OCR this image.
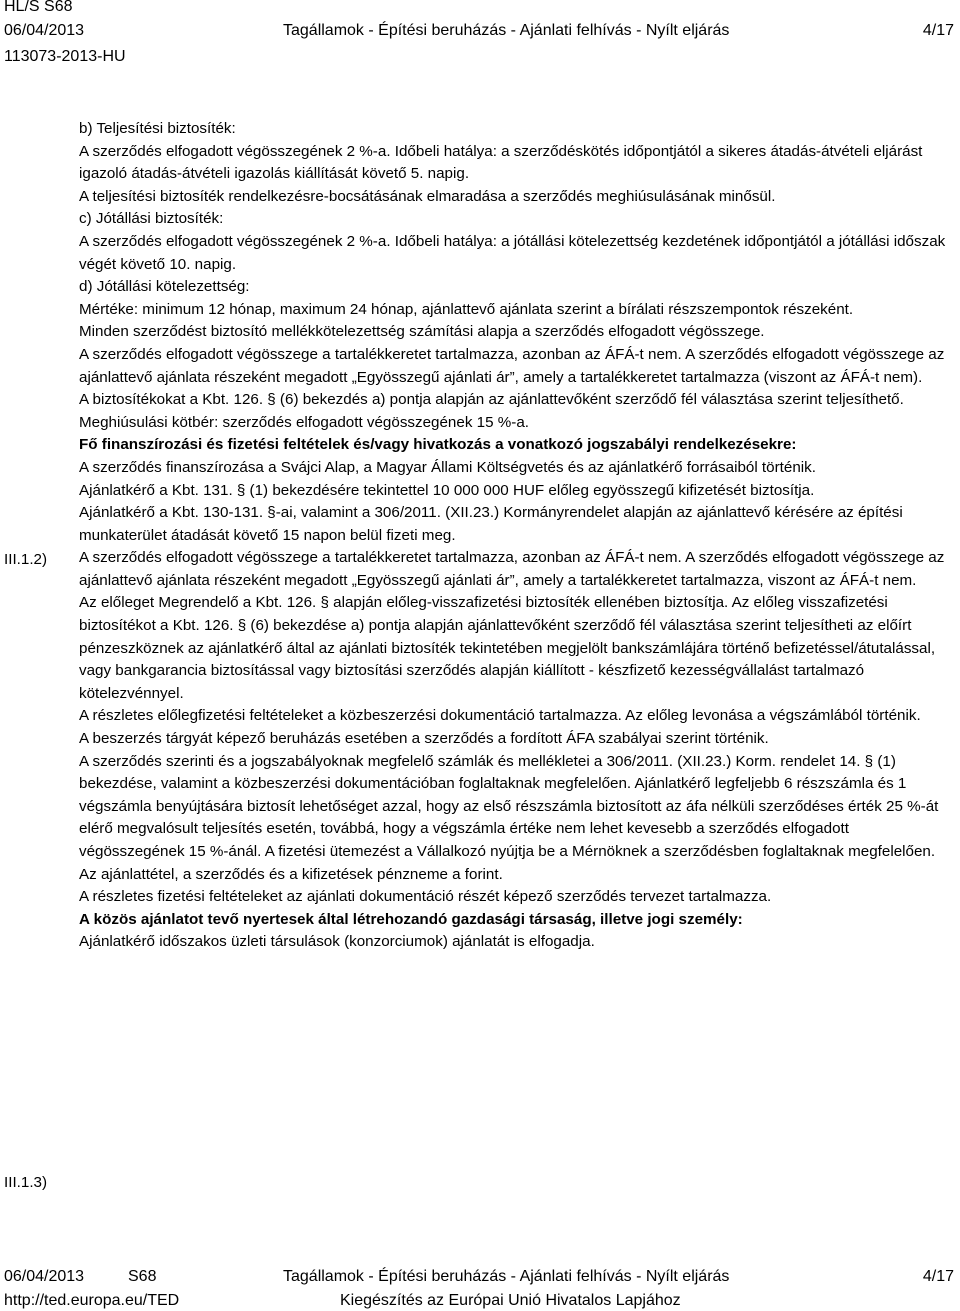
HL/S S68
06/04/2013	Tagállamok - Építési beruházás - Ajánlati felhívás - Nyílt eljárás	4/17
113073-2013-HU
III.1.2)
III.1.3)

b) Teljesítési biztosíték:

A szerződés elfogadott végösszegének 2 %-a. Időbeli hatálya: a szerződéskötés időpontjától a sikeres átadás-átvételi eljárást igazoló átadás-átvételi igazolás kiállítását követő 5. napig.

A teljesítési biztosíték rendelkezésre-bocsátásának elmaradása a szerződés meghiúsulásának minősül.

c) Jótállási biztosíték:

A szerződés elfogadott végösszegének 2 %-a. Időbeli hatálya: a jótállási kötelezettség kezdetének időpontjától a jótállási időszak végét követő 10. napig.

d) Jótállási kötelezettség:

Mértéke: minimum 12 hónap, maximum 24 hónap, ajánlattevő ajánlata szerint a bírálati részszempontok részeként.

Minden szerződést biztosító mellékkötelezettség számítási alapja a szerződés elfogadott végösszege.

A szerződés elfogadott végösszege a tartalékkeretet tartalmazza, azonban az ÁFÁ-t nem. A szerződés elfogadott végösszege az ajánlattevő ajánlata részeként megadott „Egyösszegű ajánlati ár”, amely a tartalékkeretet tartalmazza (viszont az ÁFÁ-t nem).

A biztosítékokat a Kbt. 126. § (6) bekezdés a) pontja alapján az ajánlattevőként szerződő fél választása szerint teljesíthető.

Meghiúsulási kötbér: szerződés elfogadott végösszegének 15 %-a.

Fő finanszírozási és fizetési feltételek és/vagy hivatkozás a vonatkozó jogszabályi rendelkezésekre:

A szerződés finanszírozása a Svájci Alap, a Magyar Állami Költségvetés és az ajánlatkérő forrásaiból történik.

Ajánlatkérő a Kbt. 131. § (1) bekezdésére tekintettel 10 000 000 HUF előleg egyösszegű kifizetését biztosítja.

Ajánlatkérő a Kbt. 130-131. §-ai, valamint a 306/2011. (XII.23.) Kormányrendelet alapján az ajánlattevő kérésére az építési munkaterület átadását követő 15 napon belül fizeti meg.

A szerződés elfogadott végösszege a tartalékkeretet tartalmazza, azonban az ÁFÁ-t nem. A szerződés elfogadott végösszege az ajánlattevő ajánlata részeként megadott „Egyösszegű ajánlati ár”, amely a tartalékkeretet tartalmazza, viszont az ÁFÁ-t nem.

Az előleget Megrendelő a Kbt. 126. § alapján előleg-visszafizetési biztosíték ellenében biztosítja. Az előleg visszafizetési biztosítékot a Kbt. 126. § (6) bekezdése a) pontja alapján ajánlattevőként szerződő fél választása szerint teljesítheti az előírt pénzeszköznek az ajánlatkérő által az ajánlati biztosíték tekintetében megjelölt bankszámlájára történő befizetéssel/átutalással, vagy bankgarancia biztosítással vagy biztosítási szerződés alapján kiállított - készfizető kezességvállalást tartalmazó kötelezvénnyel.

A részletes előlegfizetési feltételeket a közbeszerzési dokumentáció tartalmazza. Az előleg levonása a végszámlából történik.

A beszerzés tárgyát képező beruházás esetében a szerződés a fordított ÁFA szabályai szerint történik.

A szerződés szerinti és a jogszabályoknak megfelelő számlák és mellékletei a 306/2011. (XII.23.) Korm. rendelet 14. § (1) bekezdése, valamint a közbeszerzési dokumentációban foglaltaknak megfelelően. Ajánlatkérő legfeljebb 6 részszámla és 1 végszámla benyújtására biztosít lehetőséget azzal, hogy az első részszámla biztosított az áfa nélküli szerződéses érték 25 %-át elérő megvalósult teljesítés esetén, továbbá, hogy a végszámla értéke nem lehet kevesebb a szerződés elfogadott végösszegének 15 %-ánál. A fizetési ütemezést a Vállalkozó nyújtja be a Mérnöknek a szerződésben foglaltaknak megfelelően.

Az ajánlattétel, a szerződés és a kifizetések pénzneme a forint.

A részletes fizetési feltételeket az ajánlati dokumentáció részét képező szerződés tervezet tartalmazza.

A közös ajánlatot tevő nyertesek által létrehozandó gazdasági társaság, illetve jogi személy:

Ajánlatkérő időszakos üzleti társulások (konzorciumok) ajánlatát is elfogadja.

06/04/2013	S68	Tagállamok - Építési beruházás - Ajánlati felhívás - Nyílt eljárás	4/17
http://ted.europa.eu/TED	Kiegészítés az Európai Unió Hivatalos Lapjához
